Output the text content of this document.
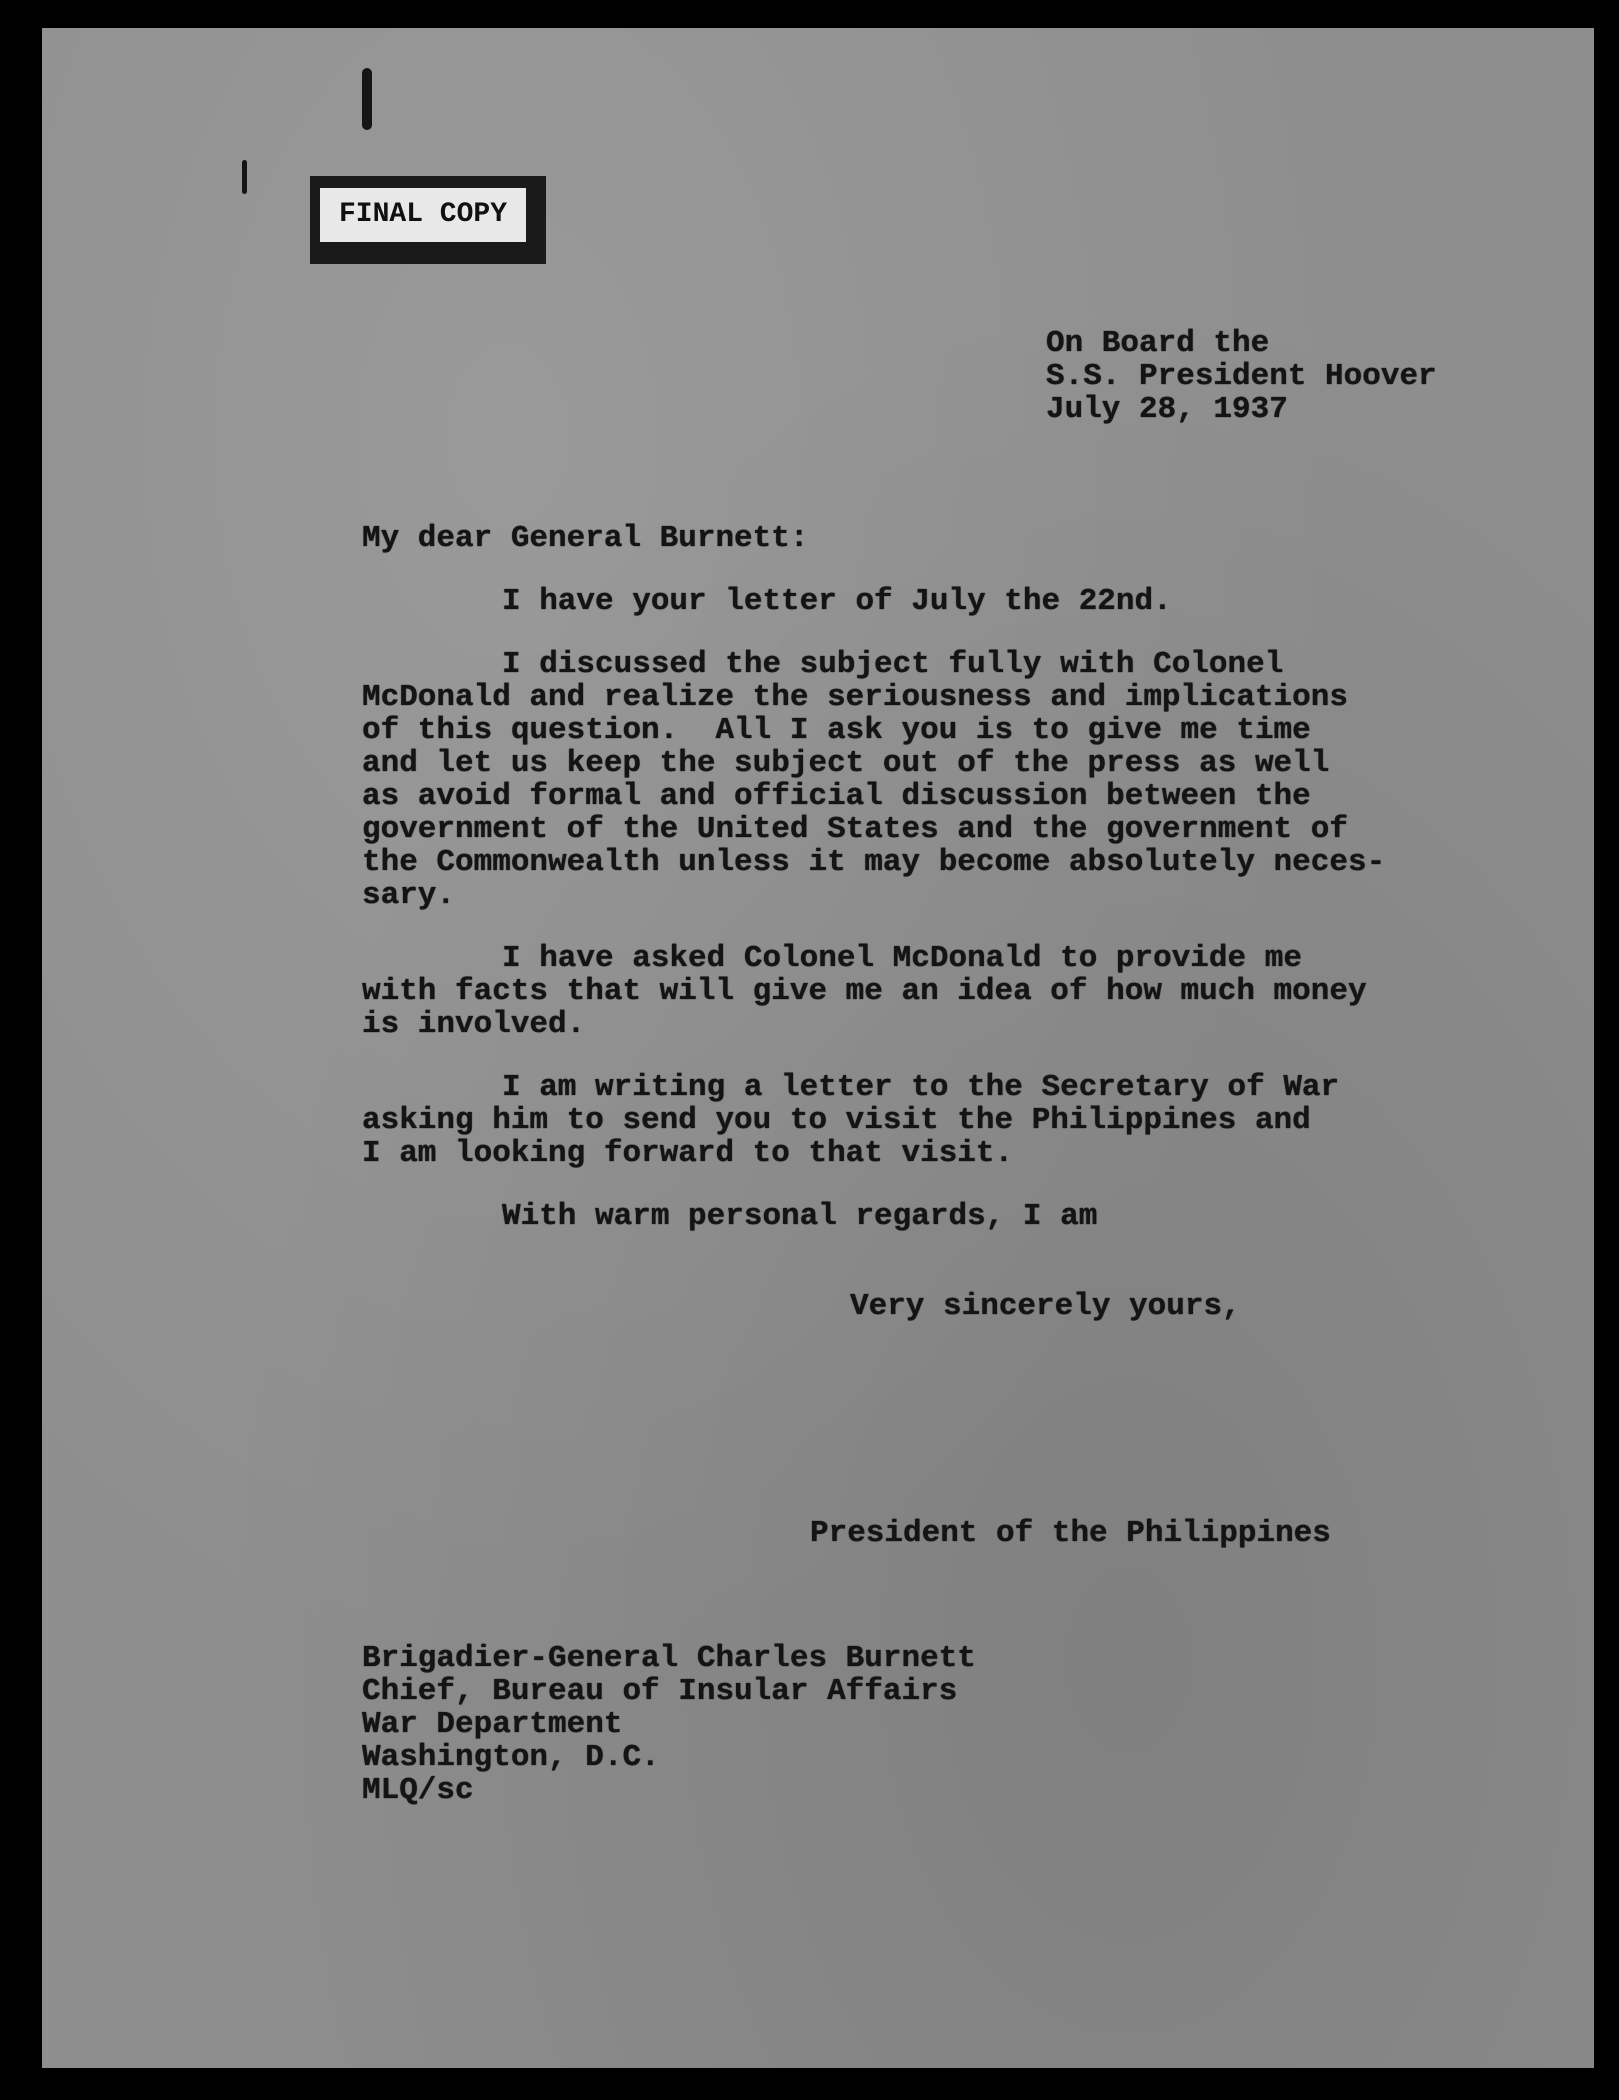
FINAL COPY
On Board the
S.S. President Hoover
July 28, 1937
My dear General Burnett:
I have your letter of July the 22nd.
I discussed the subject fully with Colonel
McDonald and realize the seriousness and implications
of this question.  All I ask you is to give me time
and let us keep the subject out of the press as well
as avoid formal and official discussion between the
government of the United States and the government of
the Commonwealth unless it may become absolutely neces-
sary.
I have asked Colonel McDonald to provide me
with facts that will give me an idea of how much money
is involved.
I am writing a letter to the Secretary of War
asking him to send you to visit the Philippines and
I am looking forward to that visit.
With warm personal regards, I am
Very sincerely yours,
President of the Philippines
Brigadier-General Charles Burnett
Chief, Bureau of Insular Affairs
War Department
Washington, D.C.
MLQ/sc
